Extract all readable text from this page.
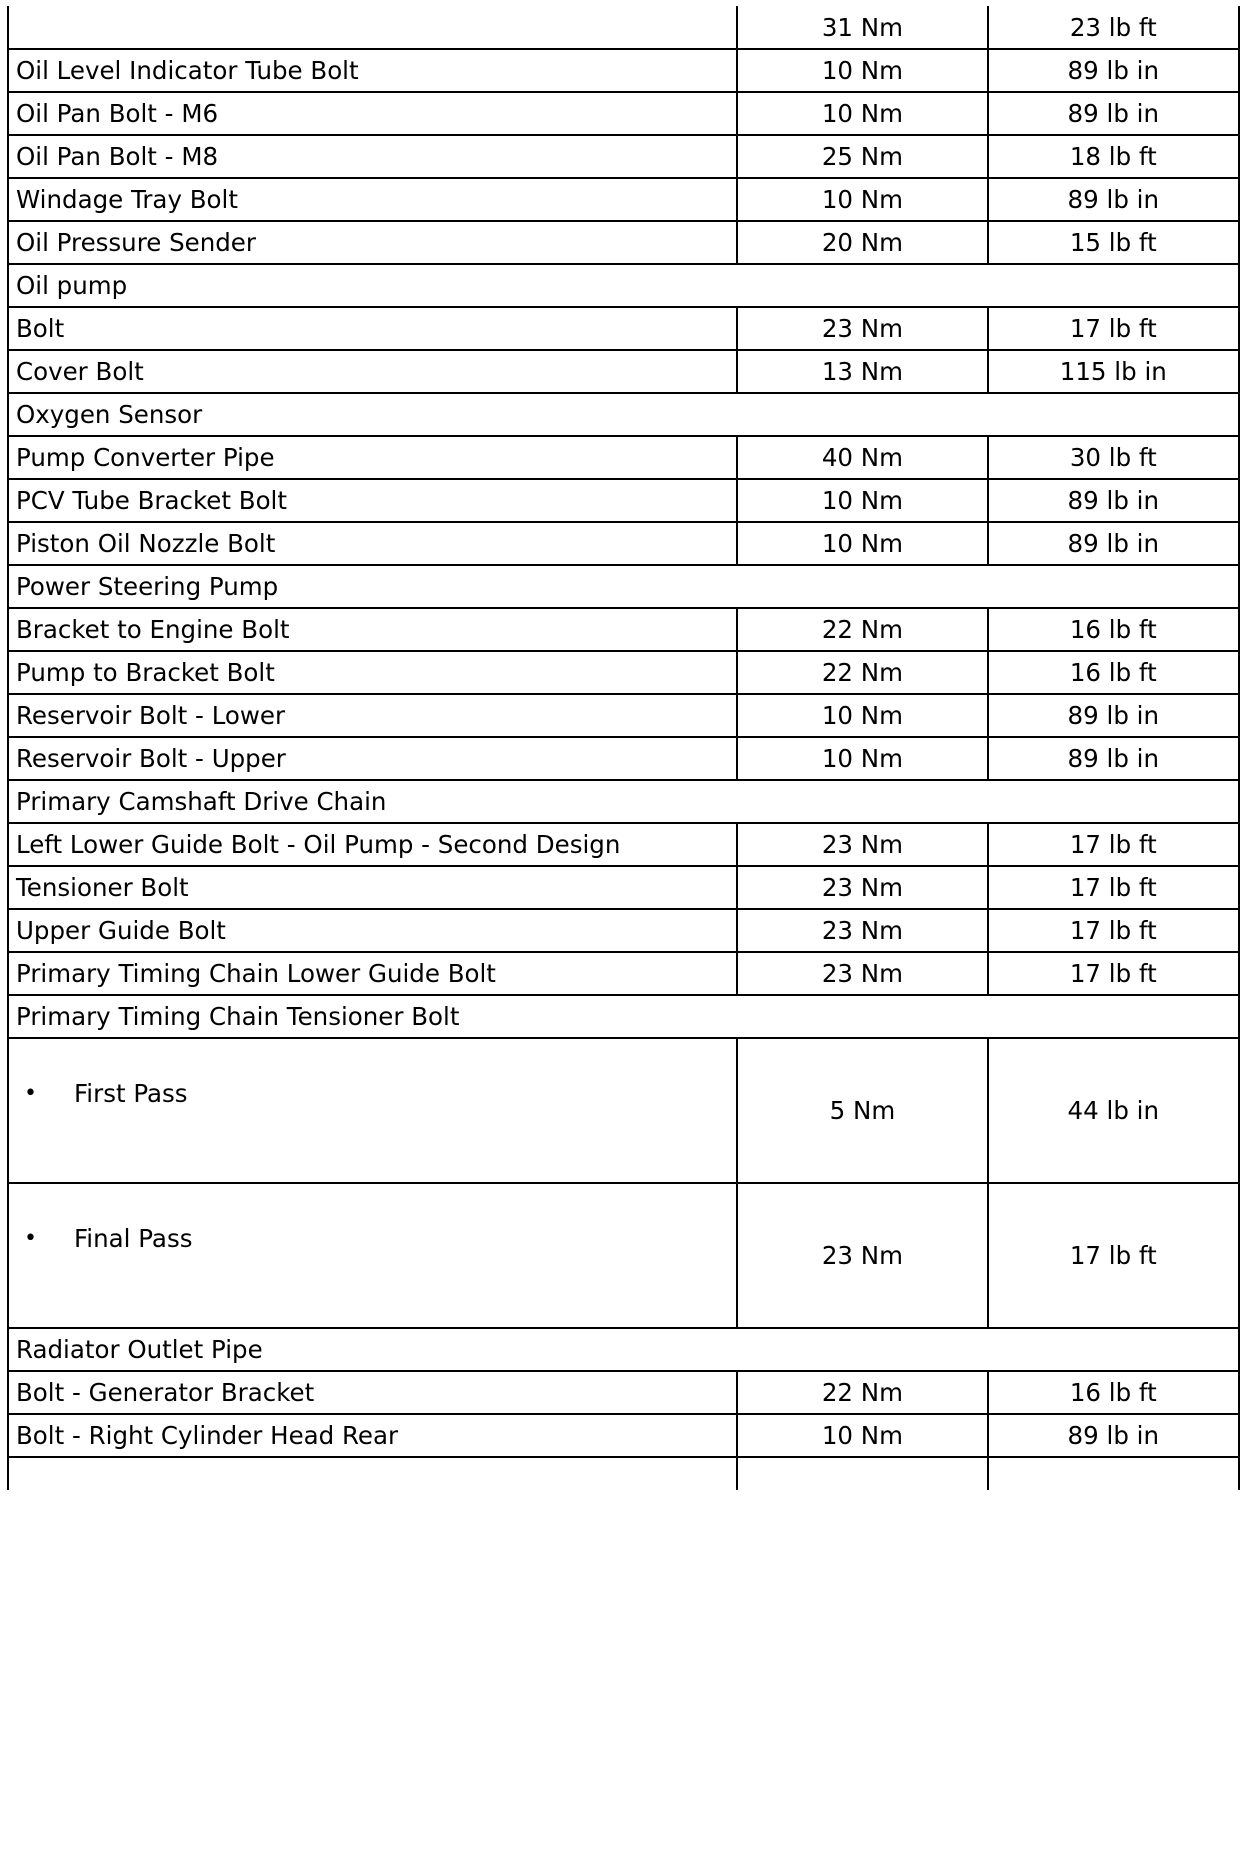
	31 Nm	23 lb ft
Oil Level Indicator Tube Bolt	10 Nm	89 lb in
Oil Pan Bolt - M6	10 Nm	89 lb in
Oil Pan Bolt - M8	25 Nm	18 lb ft
Windage Tray Bolt	10 Nm	89 lb in
Oil Pressure Sender	20 Nm	15 lb ft
Oil pump		
Bolt	23 Nm	17 lb ft
Cover Bolt	13 Nm	115 lb in
Oxygen Sensor		
Pump Converter Pipe	40 Nm	30 lb ft
PCV Tube Bracket Bolt	10 Nm	89 lb in
Piston Oil Nozzle Bolt	10 Nm	89 lb in
Power Steering Pump		
Bracket to Engine Bolt	22 Nm	16 lb ft
Pump to Bracket Bolt	22 Nm	16 lb ft
Reservoir Bolt - Lower	10 Nm	89 lb in
Reservoir Bolt - Upper	10 Nm	89 lb in
Primary Camshaft Drive Chain		
Left Lower Guide Bolt - Oil Pump - Second Design	23 Nm	17 lb ft
Tensioner Bolt	23 Nm	17 lb ft
Upper Guide Bolt	23 Nm	17 lb ft
Primary Timing Chain Lower Guide Bolt	23 Nm	17 lb ft
Primary Timing Chain Tensioner Bolt		

• First Pass	5 Nm	44 lb in

• Final Pass	23 Nm	17 lb ft
Radiator Outlet Pipe		
Bolt - Generator Bracket	22 Nm	16 lb ft
Bolt - Right Cylinder Head Rear	10 Nm	89 lb in
